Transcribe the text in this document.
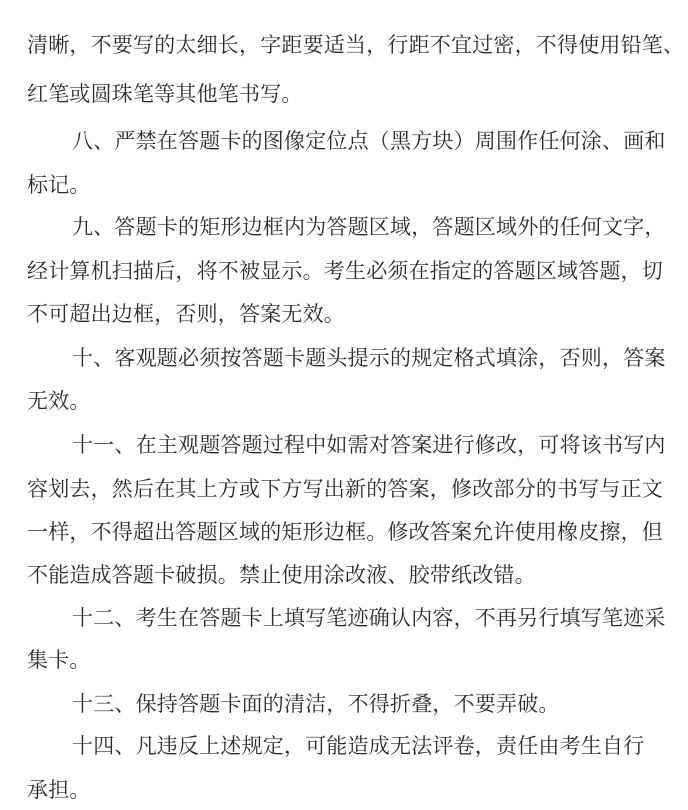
清晰，不要写的太细长，字距要适当，行距不宜过密，不得使用铅笔、
红笔或圆珠笔等其他笔书写。
八、严禁在答题卡的图像定位点（黑方块）周围作任何涂、画和
标记。
九、答题卡的矩形边框内为答题区域，答题区域外的任何文字，
经计算机扫描后，将不被显示。考生必须在指定的答题区域答题，切
不可超出边框，否则，答案无效。
十、客观题必须按答题卡题头提示的规定格式填涂，否则，答案
无效。
十一、在主观题答题过程中如需对答案进行修改，可将该书写内
容划去，然后在其上方或下方写出新的答案，修改部分的书写与正文
一样，不得超出答题区域的矩形边框。修改答案允许使用橡皮擦，但
不能造成答题卡破损。禁止使用涂改液、胶带纸改错。
十二、考生在答题卡上填写笔迹确认内容，不再另行填写笔迹采
集卡。
十三、保持答题卡面的清洁，不得折叠，不要弄破。
十四、凡违反上述规定，可能造成无法评卷，责任由考生自行
承担。
